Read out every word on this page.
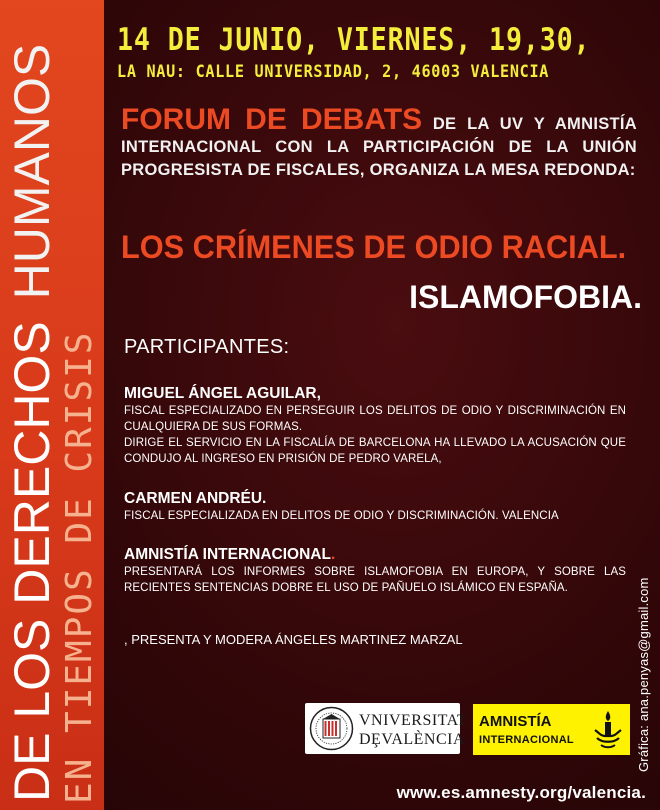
DE LOS DERECHOSHUMANOS
EN TIEMPOS DE CRISIS
14 DE JUNIO, VIERNES, 19,30,
LA NAU: CALLE UNIVERSIDAD, 2, 46003 VALENCIA
FORUM DE DEBATS DE LA UV Y AMNISTÍA INTERNACIONAL CON LA PARTICIPACIÓN DE LA UNIÓN PROGRESISTA DE FISCALES, ORGANIZA LA MESA REDONDA:
LOS CRÍMENES DE ODIO RACIAL.
ISLAMOFOBIA.
PARTICIPANTES:
MIGUEL ÁNGEL AGUILAR,
FISCAL ESPECIALIZADO EN PERSEGUIR LOS DELITOS DE ODIO Y DISCRIMINACIÓN EN CUALQUIERA DE SUS FORMAS.
DIRIGE EL SERVICIO EN LA FISCALÍA DE BARCELONA HA LLEVADO LA ACUSACIÓN QUE CONDUJO AL INGRESO EN PRISIÓN DE PEDRO VARELA,
CARMEN ANDRÉU.
FISCAL ESPECIALIZADA EN DELITOS DE ODIO Y DISCRIMINACIÓN. VALENCIA
AMNISTÍA INTERNACIONAL.
PRESENTARÁ LOS INFORMES SOBRE ISLAMOFOBIA EN EUROPA, Y SOBRE LAS RECIENTES SENTENCIAS DOBRE EL USO DE PAÑUELO ISLÁMICO EN ESPAÑA.
, PRESENTA Y MODERA ÁNGELES MARTINEZ MARZAL	Gráfica: ana.penyas@gmail.com
VNIVERSITAT
DȨVALÈNCIA
AMNISTÍA
INTERNACIONAL
www.es.amnesty.org/valencia.
